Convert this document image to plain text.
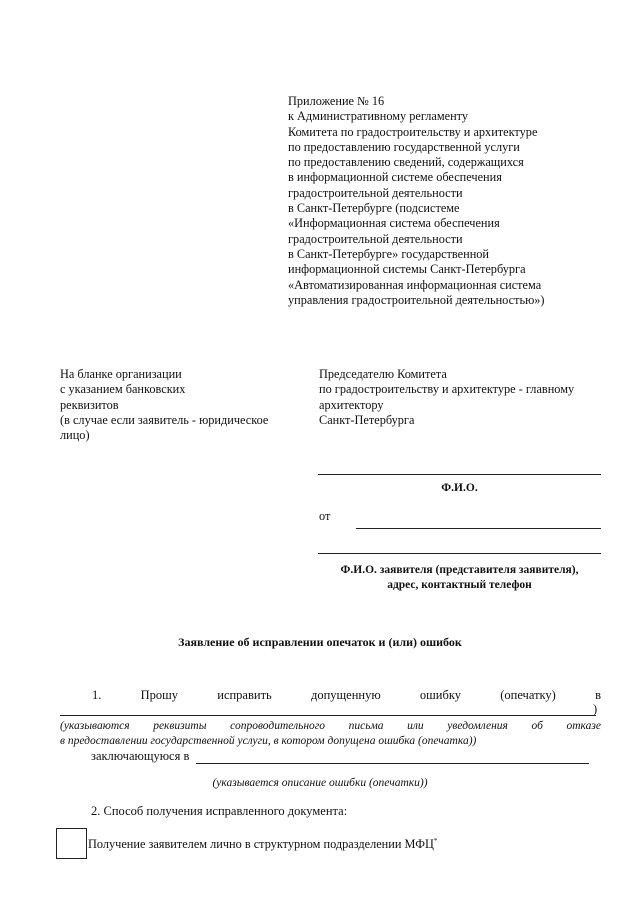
Приложение № 16
к Административному регламенту
Комитета по градостроительству и архитектуре
по предоставлению государственной услуги
по предоставлению сведений, содержащихся
в информационной системе обеспечения
градостроительной деятельности
в Санкт-Петербурге (подсистеме
«Информационная система обеспечения
градостроительной деятельности
в Санкт-Петербурге» государственной
информационной системы Санкт-Петербурга
«Автоматизированная информационная система
управления градостроительной деятельностью»)
На бланке организации
с указанием банковских
реквизитов
(в случае если заявитель - юридическое
лицо)
Председателю Комитета
по градостроительству и архитектуре - главному
архитектору
Санкт-Петербурга
Ф.И.О.
от
Ф.И.О. заявителя (представителя заявителя),
адрес, контактный телефон
Заявление об исправлении опечаток и (или) ошибок
1.	Прошу	исправить	допущенную	ошибку	(опечатку)	в
)
(указываются реквизиты сопроводительного письма или уведомления об отказе
в предоставлении государственной услуги, в котором допущена ошибка (опечатка))
заключающуюся в
(указывается описание ошибки (опечатки))
2. Способ получения исправленного документа:
Получение заявителем лично в структурном подразделении МФЦ*
